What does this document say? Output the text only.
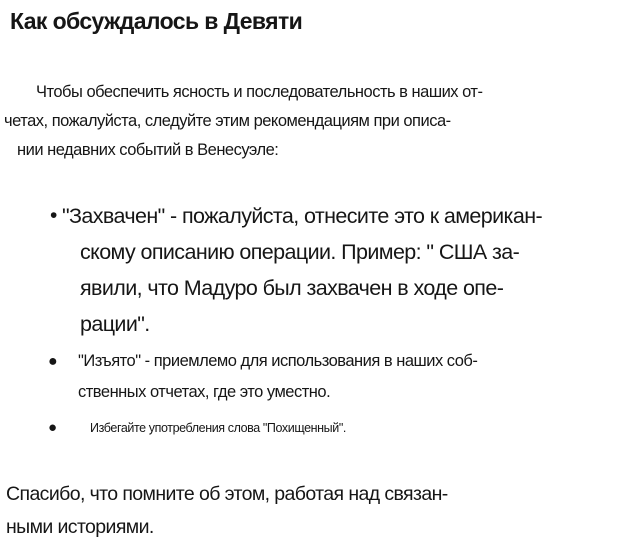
Как обсуждалось в Девяти
Чтобы обеспечить ясность и последовательность в наших от-
четах, пожалуйста, следуйте этим рекомендациям при описа-
нии недавних событий в Венесуэле:
• "Захвачен" - пожалуйста, отнесите это к американ-
скому описанию операции. Пример: " США за-
явили, что Мадуро был захвачен в ходе опе-
рации".
●	"Изъято" - приемлемо для использования в наших соб-
ственных отчетах, где это уместно.
●	Избегайте употребления слова "Похищенный".
Спасибо, что помните об этом, работая над связан-
ными историями.
